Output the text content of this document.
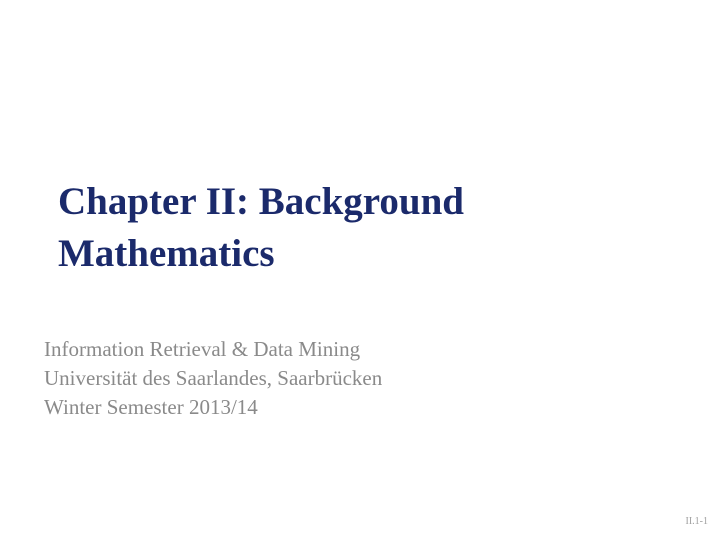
Chapter II: Background
Mathematics
Information Retrieval & Data Mining
Universität des Saarlandes, Saarbrücken
Winter Semester 2013/14
II.1-1
